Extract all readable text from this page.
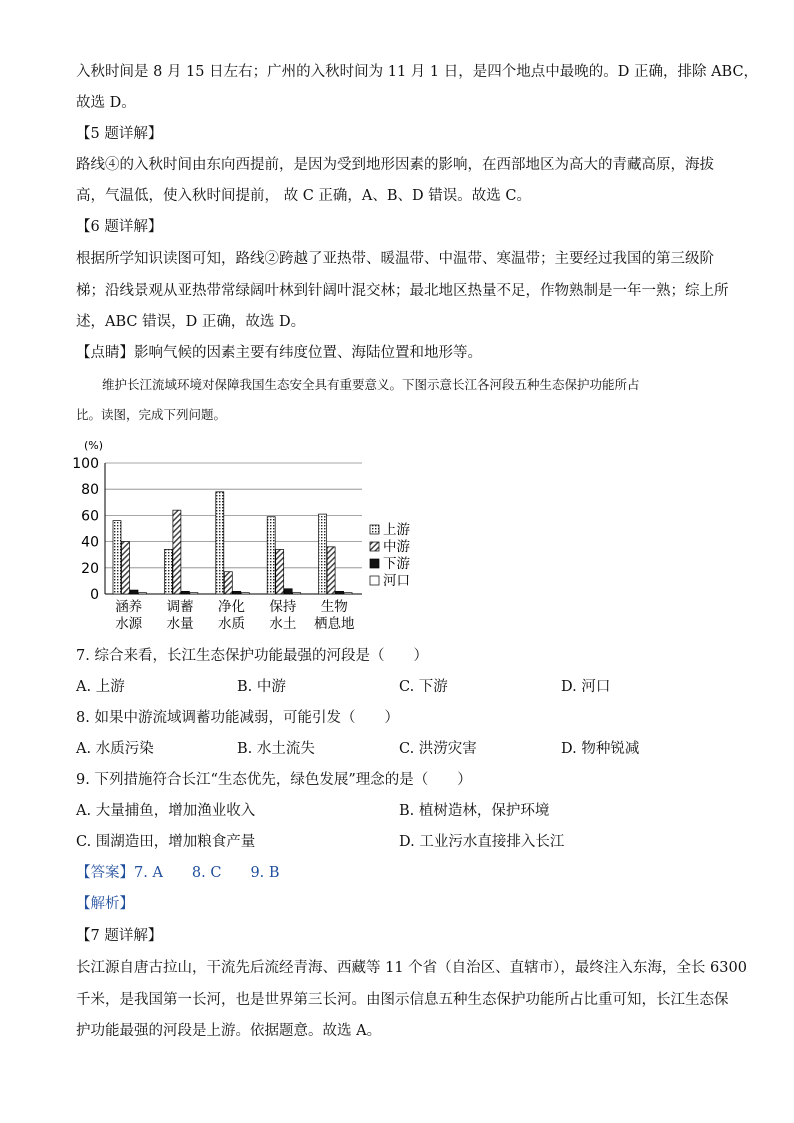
入秋时间是 8 月 15 日左右；广州的入秋时间为 11 月 1 日，是四个地点中最晚的。D 正确，排除 ABC，
故选 D。
【5 题详解】
路线④的入秋时间由东向西提前，是因为受到地形因素的影响，在西部地区为高大的青藏高原，海拔
高，气温低，使入秋时间提前， 故 C 正确，A、B、D 错误。故选 C。
【6 题详解】
根据所学知识读图可知，路线②跨越了亚热带、暖温带、中温带、寒温带；主要经过我国的第三级阶
梯；沿线景观从亚热带常绿阔叶林到针阔叶混交林；最北地区热量不足，作物熟制是一年一熟；综上所
述，ABC 错误，D 正确，故选 D。
【点睛】影响气候的因素主要有纬度位置、海陆位置和地形等。
维护长江流域环境对保障我国生态安全具有重要意义。下图示意长江各河段五种生态保护功能所占
比。读图，完成下列问题。
(%)
0
20
40
60
80
100
涵养
水源
调蓄
水量
净化
水质
保持
水土
生物
栖息地
上游
中游
下游
河口
7. 综合来看，长江生态保护功能最强的河段是（　　）
A. 上游	B. 中游	C. 下游	D. 河口
8. 如果中游流域调蓄功能减弱，可能引发（　　）
A. 水质污染	B. 水土流失	C. 洪涝灾害	D. 物种锐减
9. 下列措施符合长江“生态优先，绿色发展”理念的是（　　）
A. 大量捕鱼，增加渔业收入	B. 植树造林，保护环境
C. 围湖造田，增加粮食产量	D. 工业污水直接排入长江
【答案】7. A　　8. C　　9. B
【解析】
【7 题详解】
长江源自唐古拉山，干流先后流经青海、西藏等 11 个省（自治区、直辖市），最终注入东海，全长 6300
千米，是我国第一长河，也是世界第三长河。由图示信息五种生态保护功能所占比重可知，长江生态保
护功能最强的河段是上游。依据题意。故选 A。
